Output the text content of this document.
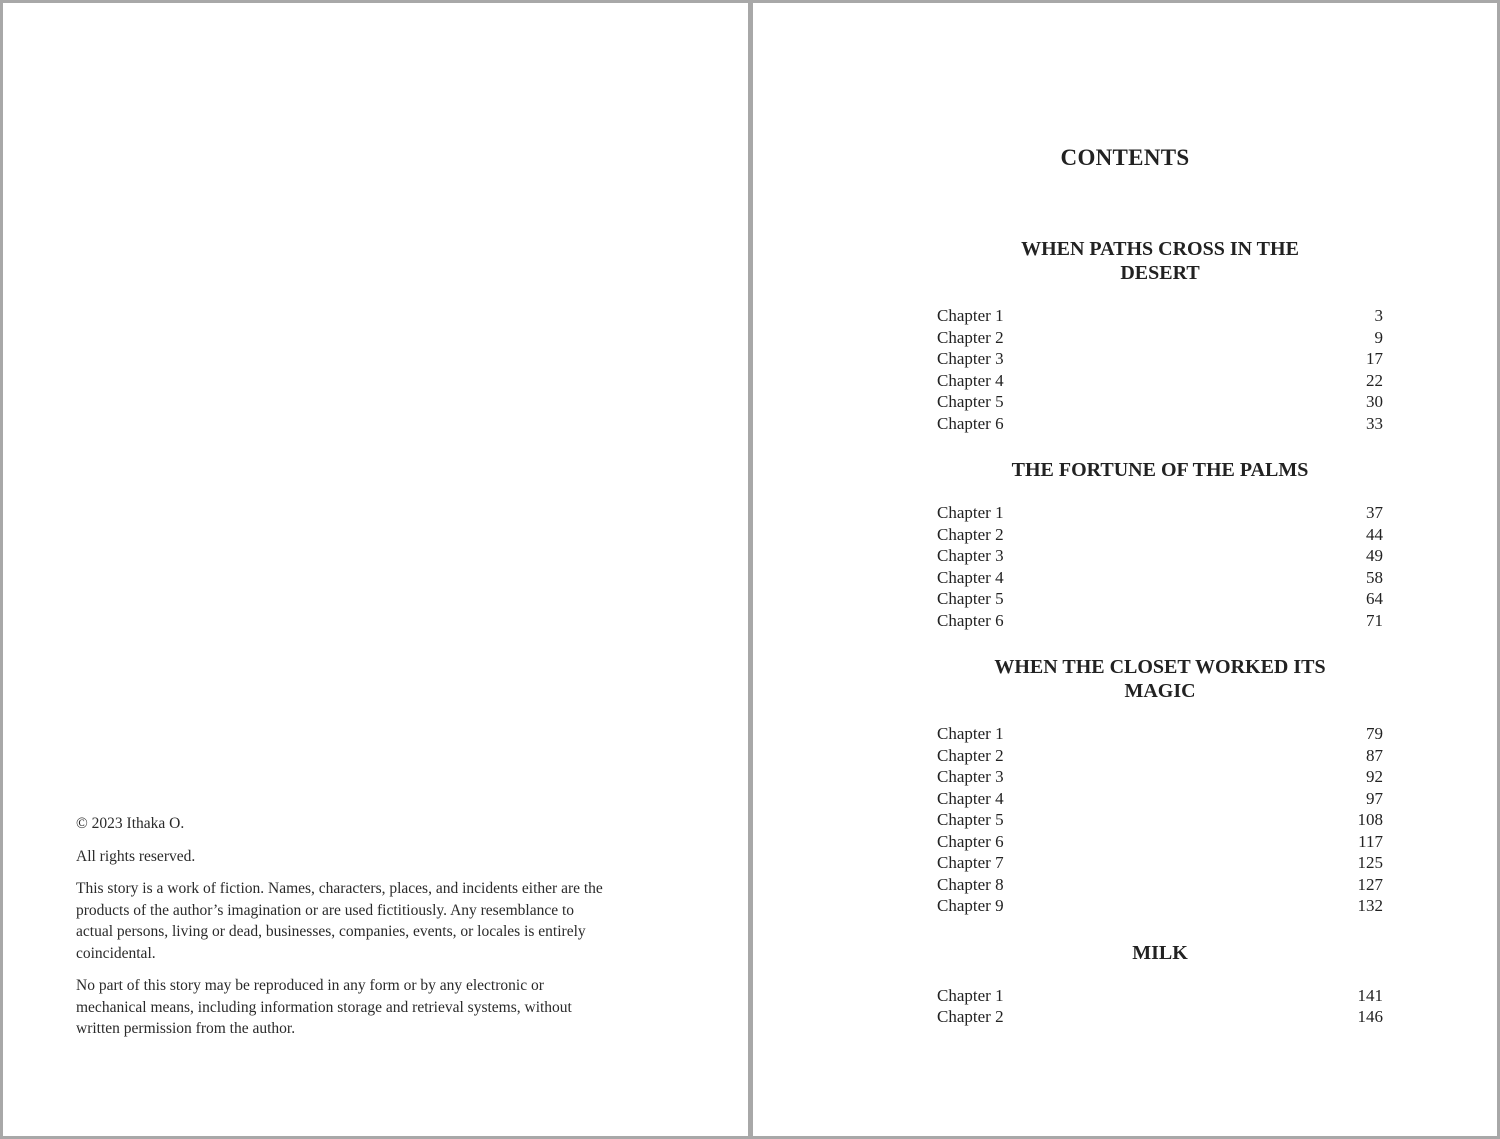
© 2023 Ithaka O.

All rights reserved.

This story is a work of fiction. Names, characters, places, and incidents either are the products of the author’s imagination or are used fictitiously. Any resemblance to actual persons, living or dead, businesses, companies, events, or locales is entirely coincidental.

No part of this story may be reproduced in any form or by any electronic or mechanical means, including information storage and retrieval systems, without written permission from the author.

CONTENTS
WHEN PATHS CROSS IN THE DESERT
Chapter 1	3
Chapter 2	9
Chapter 3	17
Chapter 4	22
Chapter 5	30
Chapter 6	33
THE FORTUNE OF THE PALMS
Chapter 1	37
Chapter 2	44
Chapter 3	49
Chapter 4	58
Chapter 5	64
Chapter 6	71
WHEN THE CLOSET WORKED ITS MAGIC
Chapter 1	79
Chapter 2	87
Chapter 3	92
Chapter 4	97
Chapter 5	108
Chapter 6	117
Chapter 7	125
Chapter 8	127
Chapter 9	132
MILK
Chapter 1	141
Chapter 2	146
